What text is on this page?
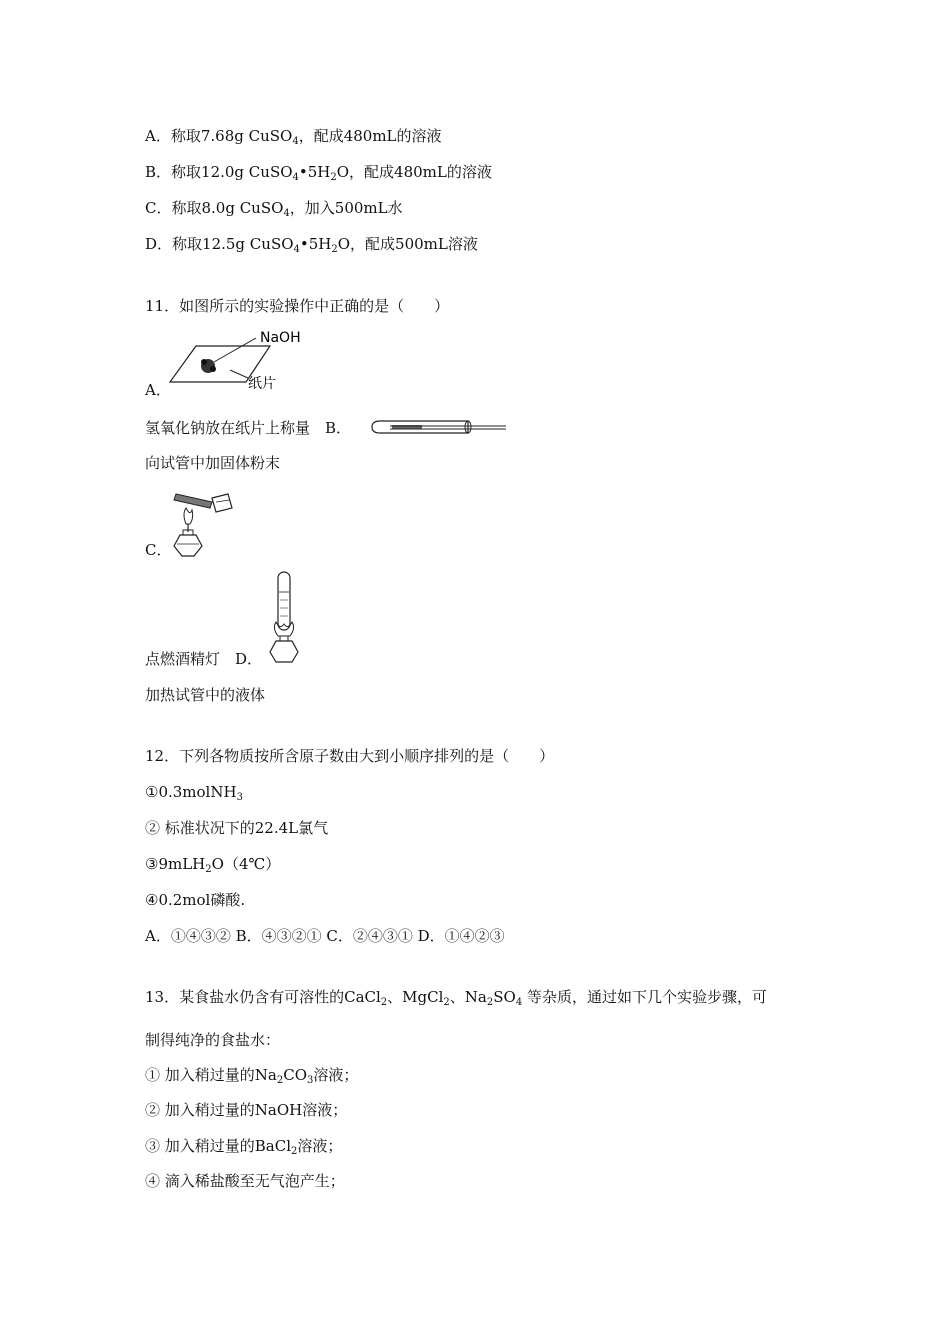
A．称取7.68g CuSO$_4$，配成480mL的溶液
B．称取12.0g $CuSO_4•5H_2O$，配成480mL的溶液
C．称取8.0g CuSO$_4$，加入500mL水
D．称取12.5g $CuSO_4•5H_2O$，配成500mL溶液
11．如图所示的实验操作中正确的是（　　）
NaOH
纸片
A．
氢氧化钠放在纸片上称量　 B．
向试管中加固体粉末
C．
点燃酒精灯　 D．
加热试管中的液体
12．下列各物质按所含原子数由大到小顺序排列的是（　　）
①0.3molNH$_3$
② 标准状况下的22.4L氯气
③9mLH$_2$O（4℃）
④0.2mol磷酸.
A．①④③② B．④③②① C．②④③① D．①④②③
13．某食盐水仍含有可溶性的CaCl$_2$、MgCl$_2$、$Na_2SO_4$ 等杂质，通过如下几个实验步骤，可
制得纯净的食盐水：
① 加入稍过量的$Na_2CO_3$溶液；
② 加入稍过量的NaOH溶液；
③ 加入稍过量的BaCl$_2$溶液；
④ 滴入稀盐酸至无气泡产生；
